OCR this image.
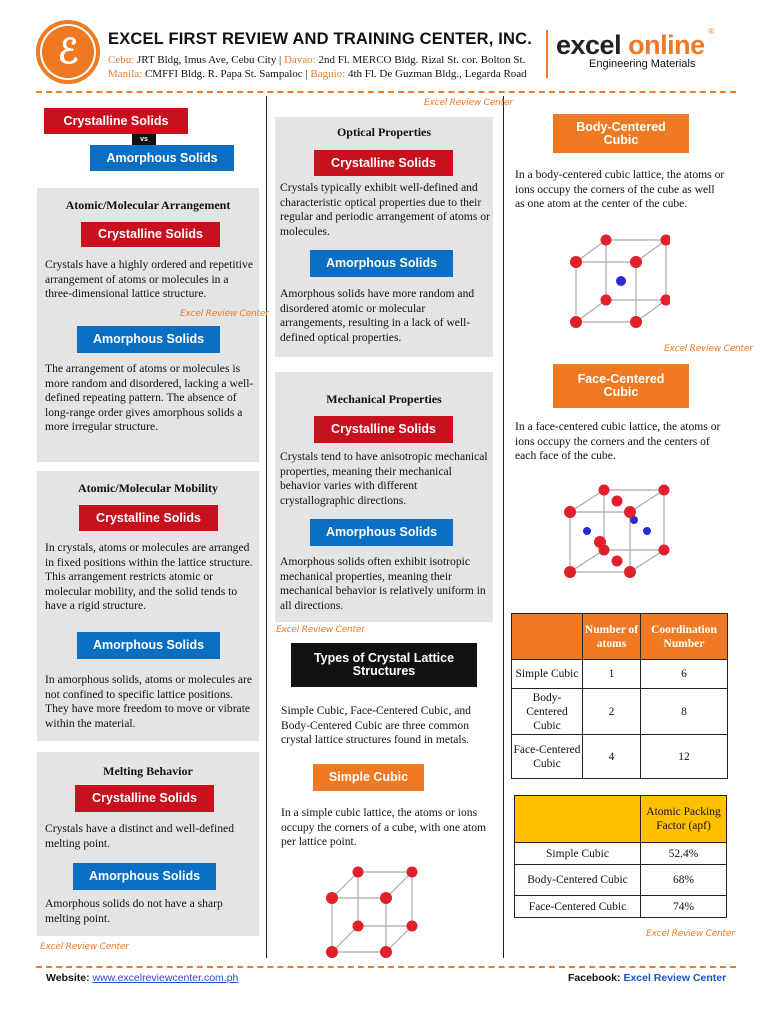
ℰ	EXCEL FIRST REVIEW AND TRAINING CENTER, INC.
Cebu: JRT Bldg, Imus Ave, Cebu City | Davao: 2nd Fl. MERCO Bldg. Rizal St. cor. Bolton St.
Manila: CMFFI Bldg. R. Papa St. Sampaloc | Baguio: 4th Fl. De Guzman Bldg., Legarda Road
excel online ®
Engineering Materials
Excel Review Center
Crystalline Solids
vs
Amorphous Solids
Atomic/Molecular Arrangement
Crystalline Solids
Crystals have a highly ordered and repetitive arrangement of atoms or molecules in a three-dimensional lattice structure.
Excel Review Center
Amorphous Solids
The arrangement of atoms or molecules is more random and disordered, lacking a well-defined repeating pattern. The absence of long-range order gives amorphous solids a more irregular structure.
Atomic/Molecular Mobility
Crystalline Solids
In crystals, atoms or molecules are arranged in fixed positions within the lattice structure. This arrangement restricts atomic or molecular mobility, and the solid tends to have a rigid structure.
Amorphous Solids
In amorphous solids, atoms or molecules are not confined to specific lattice positions. They have more freedom to move or vibrate within the material.
Melting Behavior
Crystalline Solids
Crystals have a distinct and well-defined melting point.
Amorphous Solids
Amorphous solids do not have a sharp melting point.
Excel Review Center
Optical Properties
Crystalline Solids
Crystals typically exhibit well-defined and characteristic optical properties due to their regular and periodic arrangement of atoms or molecules.
Amorphous Solids
Amorphous solids have more random and disordered atomic or molecular arrangements, resulting in a lack of well-defined optical properties.
Mechanical Properties
Crystalline Solids
Crystals tend to have anisotropic mechanical properties, meaning their mechanical behavior varies with different crystallographic directions.
Amorphous Solids
Amorphous solids often exhibit isotropic mechanical properties, meaning their mechanical behavior is relatively uniform in all directions.
Excel Review Center
Types of Crystal Lattice
Structures
Simple Cubic, Face-Centered Cubic, and Body-Centered Cubic are three common crystal lattice structures found in metals.
Simple Cubic
In a simple cubic lattice, the atoms or ions occupy the corners of a cube, with one atom per lattice point.
Body-Centered
Cubic
In a body-centered cubic lattice, the atoms or ions occupy the corners of the cube as well as one atom at the center of the cube.
Excel Review Center
Face-Centered
Cubic
In a face-centered cubic lattice, the atoms or ions occupy the corners and the centers of each face of the cube.
	Number of atoms	Coordination Number
Simple Cubic	1	6
Body-Centered Cubic	2	8
Face-Centered Cubic	4	12
	Atomic Packing Factor (apf)
Simple Cubic	52.4%
Body-Centered Cubic	68%
Face-Centered Cubic	74%
Excel Review Center
Website: www.excelreviewcenter.com.ph	Facebook: Excel Review Center
